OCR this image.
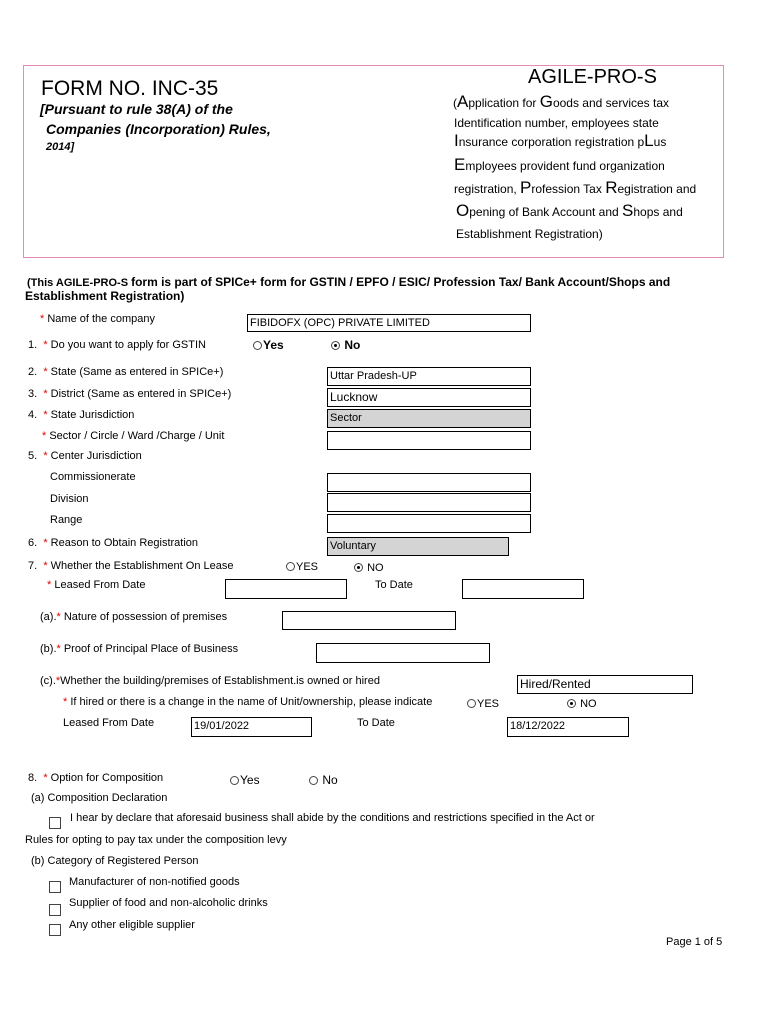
FORM NO. INC-35
[Pursuant to rule 38(A) of the
Companies (Incorporation) Rules,
2014]
AGILE-PRO-S
(Application for Goods and services tax
Identification number, employees state
Insurance corporation registration pLus
Employees provident fund organization
registration, Profession Tax Registration and
Opening of Bank Account and Shops and
Establishment Registration)
(This AGILE-PRO-S form is part of SPICe+ form for GSTIN / EPFO / ESIC/ Profession Tax/ Bank Account/Shops and
Establishment Registration)
* Name of the company	FIBIDOFX (OPC) PRIVATE LIMITED
1. * Do you want to apply for GSTIN	Yes	No
2. * State (Same as entered in SPICe+)	Uttar Pradesh-UP
3. * District (Same as entered in SPICe+)	Lucknow
4. * State Jurisdiction	Sector
* Sector / Circle / Ward /Charge / Unit
5. * Center Jurisdiction
Commissionerate
Division
Range
6. * Reason to Obtain Registration	Voluntary
7. * Whether the Establishment On Lease	YES	NO
* Leased From Date	To Date
(a).* Nature of possession of premises
(b).* Proof of Principal Place of Business
(c).*Whether the building/premises of Establishment.is owned or hired	Hired/Rented
* If hired or there is a change in the name of Unit/ownership, please indicate	YES	NO
Leased From Date	19/01/2022	To Date	18/12/2022
8. * Option for Composition	Yes	No
(a) Composition Declaration
I hear by declare that aforesaid business shall abide by the conditions and restrictions specified in the Act or
Rules for opting to pay tax under the composition levy
(b) Category of Registered Person
Manufacturer of non-notified goods
Supplier of food and non-alcoholic drinks
Any other eligible supplier
Page 1 of 5
